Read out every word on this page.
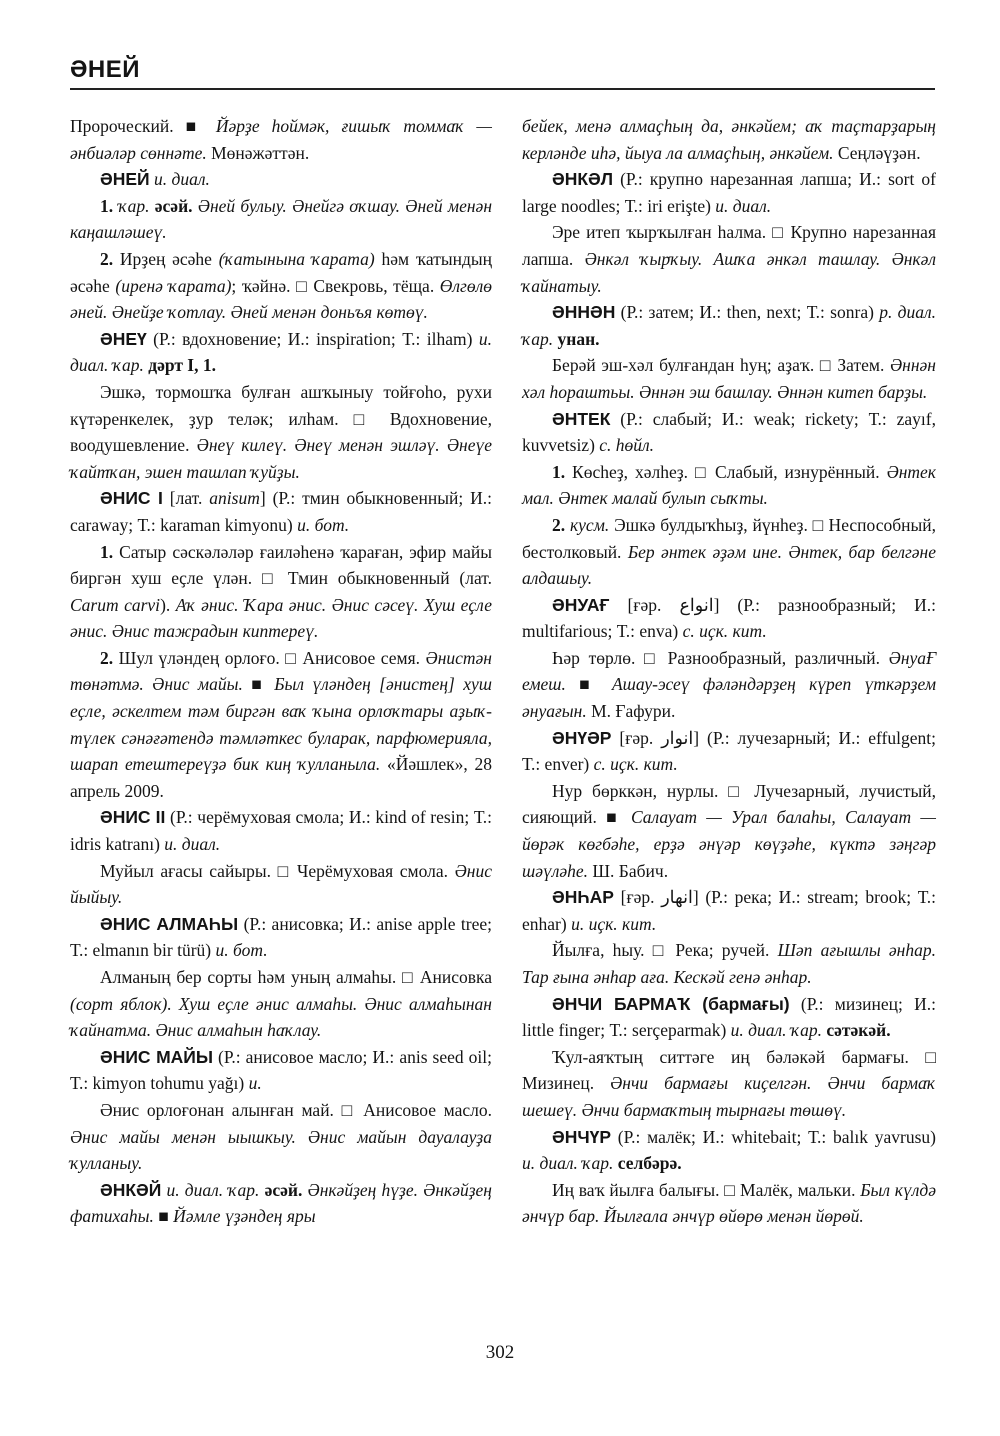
ӘНЕЙ

Пророческий. ■ Йәрҙе һоймәк, ғишыҡ томмаҡ — әнбиәләр сөннәте. Мөнәжәттән.

ӘНЕЙ и. диал.

1. ҡар. әсәй. Әней булыу. Әнейгә оҡшау. Әней менән каңашләшеү.

2. Ирҙең әсәһе (ҡатынына ҡарата) һәм ҡатындың әсәһе (иренә ҡарата); ҡәйнә. □ Свекровь, тёща. Өлгөлө әней. Әнейҙе ҡотлау. Әней менән доньъя көтөү.

ӘНЕҮ (Р.: вдохновение; И.: inspiration; Т.: ilham) и. диал. ҡар. дәрт I, 1.

Эшкә, тормошҡа булған ашҡыныу тойғоһо, рухи күтәренкелек, ҙур теләк; илһам. □ Вдохновение, воодушевление. Әнеү килеү. Әнеү менән эшләү. Әнеүе ҡайтҡан, эшен ташлап ҡуйҙы.

ӘНИС I [лат. anisum] (Р.: тмин обыкновенный; И.: caraway; Т.: karaman kimyonu) и. бот.

1. Сатыр сәскәләләр ғаиләһенә ҡараған, эфир майы биргән хуш еҫле үлән. □ Тмин обыкновенный (лат. Carum carvi). Аҡ әнис. Ҡара әнис. Әнис сәсеү. Хуш еҫле әнис. Әнис тажрадын киптереү.

2. Шул үләндең орлоғо. □ Анисовое семя. Әнистән төнәтмә. Әнис майы. ■ Был үләндең [әнистең] хуш еҫле, әскелтем тәм биргән ваҡ ҡына орлоҡтары аҙыҡ-түлек сәнәғәтендә тәмләткес буларак, парфюмерияла, шарап етештереүҙә бик киң ҡулланыла. «Йәшлек», 28 апрель 2009.

ӘНИС II (Р.: черёмуховая смола; И.: kind of resin; Т.: idris katranı) и. диал.

Муйыл ағасы сайыры. □ Черёмуховая смола. Әнис йыйыу.

ӘНИС АЛМАҺЫ (Р.: анисовка; И.: anise apple tree; Т.: elmanın bir türü) и. бот.

Алманың бер сорты һәм уның алмаһы. □ Анисовка (сорт яблок). Хуш еҫле әнис алмаһы. Әнис алмаһынан ҡайнатма. Әнис алмаһын һаҡлау.

ӘНИС МАЙЫ (Р.: анисовое масло; И.: anis seed oil; Т.: kimyon tohumu yağı) и.

Әнис орлоғонан алынған май. □ Анисовое масло. Әнис майы менән ыышкыу. Әнис майын дауалауҙа ҡулланыу.

ӘНКӘЙ и. диал. ҡар. әсәй. Әнкәйҙең һүҙе. Әнкәйҙең фатихаһы. ■ Йәмле үҙәндең яры

бейек, менә алмаҫһың да, әнкәйем; аҡ таҫтарҙарың керләнде иһә, йыуа ла алмаҫһың, әнкәйем. Сеңләүҙән.

ӘНКӘЛ (Р.: крупно нарезанная лапша; И.: sort of large noodles; Т.: iri erişte) и. диал.

Эре итеп ҡырҡылған һалма. □ Крупно нарезанная лапша. Әнкәл ҡырҡыу. Ашҡа әнкәл ташлау. Әнкәл ҡайнатыу.

ӘННӘН (Р.: затем; И.: then, next; Т.: sonra) р. диал. ҡар. унан.

Берәй эш-хәл булғандан һуң; аҙаҡ. □ Затем. Әннән хәл һораштьы. Әннән эш башлау. Әннән китеп барҙы.

ӘНТЕК (Р.: слабый; И.: weak; rickety; Т.: zayıf, kuvvetsiz) с. һөйл.

1. Көсһеҙ, хәлһеҙ. □ Слабый, изнурённый. Әнтек мал. Әнтек малай булып сыҡты.

2. кусм. Эшкә булдыҡһыҙ, йүнһеҙ. □ Неспособный, бестолковый. Бер әнтек әҙәм ине. Әнтек, бар белгәне алдашыу.

ӘНУАҒ [ғәр. انواع] (Р.: разнообразный; И.: multifarious; Т.: enva) с. иҫк. кит.

Һәр төрлө. □ Разнообразный, различный. ӘнуаҒ емеш. ■ Ашау-эсеү фәләндәрҙең күреп үткәрҙем әнуағын. М. Ғафури.

ӘНҮӘР [ғәр. انوار] (Р.: лучезарный; И.: effulgent; Т.: enver) с. иҫк. кит.

Нур бөрккән, нурлы. □ Лучезарный, лучистый, сияющий. ■ Салауат — Урал балаһы, Салауат — йөрәк көгбәһе, ерҙә әнүәр көүҙәһе, күктә зәңгәр шәүләһе. Ш. Бабич.

ӘНҺАР [ғәр. انهار] (Р.: река; И.: stream; brook; Т.: enhar) и. иҫк. кит.

Йылға, һыу. □ Река; ручей. Шәп ағышлы әнһар. Тар ғына әнһар аға. Кескәй генә әнһар.

ӘНЧИ БАРМАҠ (бармағы) (Р.: мизинец; И.: little finger; Т.: serçeparmak) и. диал. ҡар. сәтәкәй.

Ҡул-аяҡтың ситтәге иң бәләкәй бармағы. □ Мизинец. Әнчи бармағы киҫелгән. Әнчи бармаҡ шешеү. Әнчи бармаҡтың тырнағы төшөү.

ӘНЧҮР (Р.: малёк; И.: whitebait; Т.: balık yavrusu) и. диал. ҡар. селбәрә.

Иң ваҡ йылға балығы. □ Малёк, мальки. Был күлдә әнчүр бар. Йылғала әнчүр өйөрө менән йөрөй.

302
